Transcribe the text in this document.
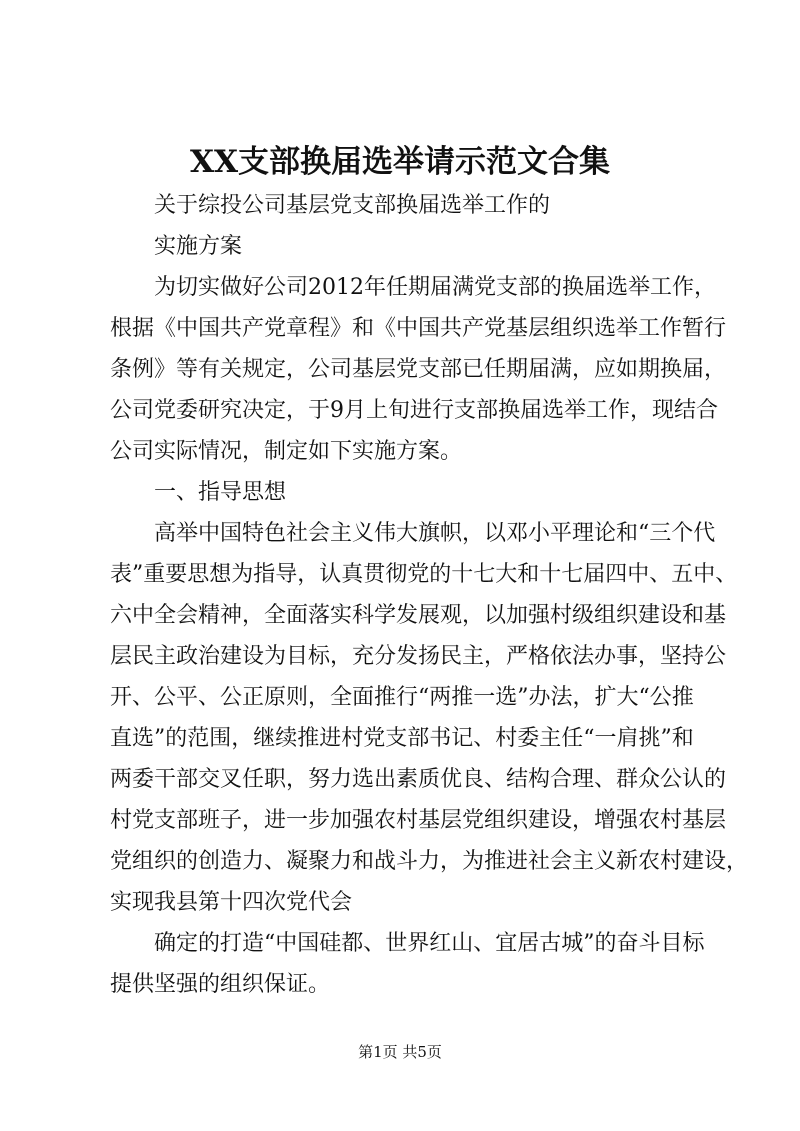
XX支部换届选举请示范文合集
关于综投公司基层党支部换届选举工作的
实施方案
为切实做好公司2012年任期届满党支部的换届选举工作，
根据《中国共产党章程》和《中国共产党基层组织选举工作暂行
条例》等有关规定，公司基层党支部已任期届满，应如期换届，
公司党委研究决定，于9月上旬进行支部换届选举工作，现结合
公司实际情况，制定如下实施方案。
一、指导思想
高举中国特色社会主义伟大旗帜，以邓小平理论和“三个代
表”重要思想为指导，认真贯彻党的十七大和十七届四中、五中、
六中全会精神，全面落实科学发展观，以加强村级组织建设和基
层民主政治建设为目标，充分发扬民主，严格依法办事，坚持公
开、公平、公正原则，全面推行“两推一选”办法，扩大“公推
直选”的范围，继续推进村党支部书记、村委主任“一肩挑”和
两委干部交叉任职，努力选出素质优良、结构合理、群众公认的
村党支部班子，进一步加强农村基层党组织建设，增强农村基层
党组织的创造力、凝聚力和战斗力，为推进社会主义新农村建设，
实现我县第十四次党代会
确定的打造“中国硅都、世界红山、宜居古城”的奋斗目标
提供坚强的组织保证。
第1页 共5页
